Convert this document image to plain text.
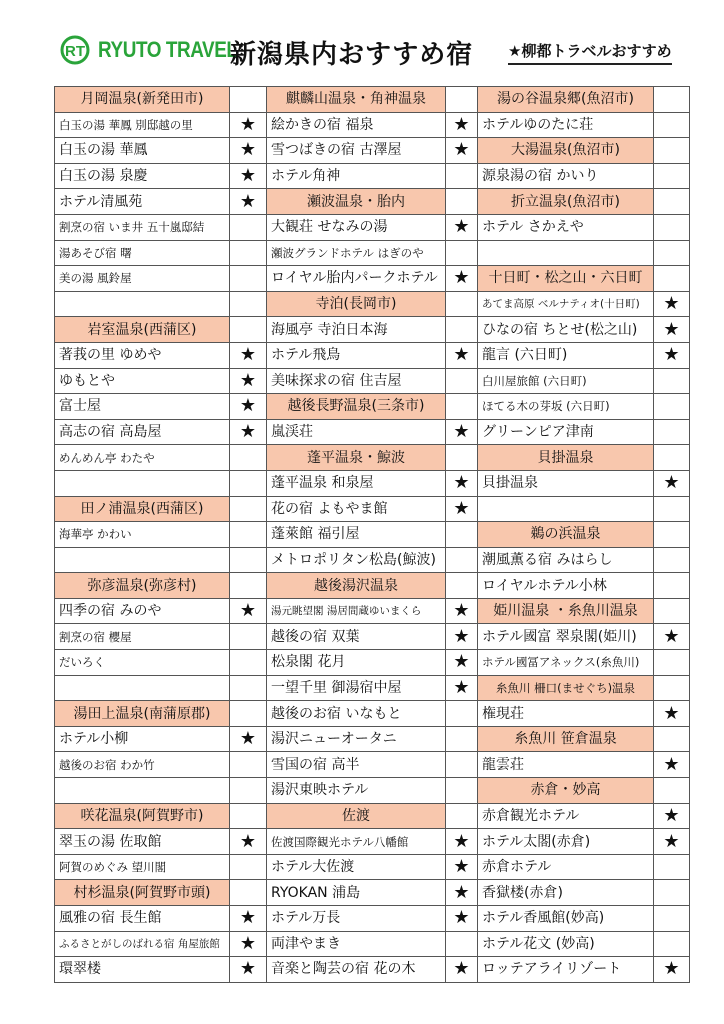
RT RYUTO TRAVEL
新潟県内おすすめ宿 ★柳都トラベルおすすめ
月岡温泉(新発田市)	
白玉の湯 華鳳 別邸越の里	★
白玉の湯 華鳳	★
白玉の湯 泉慶	★
ホテル清風苑	★
割烹の宿 いま井 五十嵐邸結	
湯あそび宿 曙	
美の湯 風鈴屋	

岩室温泉(西蒲区)	
著莪の里 ゆめや	★
ゆもとや	★
富士屋	★
高志の宿 高島屋	★
めんめん亭 わたや	

田ノ浦温泉(西蒲区)	
海華亭 かわい	

弥彦温泉(弥彦村)	
四季の宿 みのや	★
割烹の宿 櫻屋	
だいろく	

湯田上温泉(南蒲原郡)	
ホテル小柳	★
越後のお宿 わか竹	

咲花温泉(阿賀野市)	
翠玉の湯 佐取館	★
阿賀のめぐみ 望川閣	
村杉温泉(阿賀野市頭)	
風雅の宿 長生館	★
ふるさとがしのばれる宿 角屋旅館	★
環翠楼	★
麒麟山温泉・角神温泉	
絵かきの宿 福泉	★
雪つばきの宿 古澤屋	★
ホテル角神	
瀬波温泉・胎内	
大観荘 せなみの湯	★
瀬波グランドホテル はぎのや	
ロイヤル胎内パークホテル	★
寺泊(長岡市)	
海風亭 寺泊日本海	
ホテル飛鳥	★
美味探求の宿 住吉屋	
越後長野温泉(三条市)	
嵐渓荘	★
蓬平温泉・鯨波	
蓬平温泉 和泉屋	★
花の宿 よもやま館	★
蓬萊館 福引屋	
メトロポリタン松島(鯨波)	
越後湯沢温泉	
湯元眺望閣 湯居間蔵ゆいまくら	★
越後の宿 双葉	★
松泉閣 花月	★
一望千里 御湯宿中屋	★
越後のお宿 いなもと	
湯沢ニューオータニ	
雪国の宿 高半	
湯沢東映ホテル	
佐渡	
佐渡国際観光ホテル八幡館	★
ホテル大佐渡	★
RYOKAN 浦島	★
ホテル万長	★
両津やまき	
音楽と陶芸の宿 花の木	★
湯の谷温泉郷(魚沼市)	
ホテルゆのたに荘	
大湯温泉(魚沼市)	
源泉湯の宿 かいり	
折立温泉(魚沼市)	
ホテル さかえや	

十日町・松之山・六日町	
あてま高原 ベルナティオ(十日町)	★
ひなの宿 ちとせ(松之山)	★
龍言 (六日町)	★
白川屋旅館 (六日町)	
ほてる木の芽坂 (六日町)	
グリーンピア津南	
貝掛温泉	
貝掛温泉	★

鵜の浜温泉	
潮風薫る宿 みはらし	
ロイヤルホテル小林	
姫川温泉 ・糸魚川温泉	
ホテル國富 翠泉閣(姫川)	★
ホテル國冨アネックス(糸魚川)	
糸魚川 柵口(ませぐち)温泉	
権現荘	★
糸魚川 笹倉温泉	
龍雲荘	★
赤倉・妙高	
赤倉観光ホテル	★
ホテル太閤(赤倉)	★
赤倉ホテル	
香獄楼(赤倉)	
ホテル香風館(妙高)	
ホテル花文 (妙高)	
ロッテアライリゾート	★
